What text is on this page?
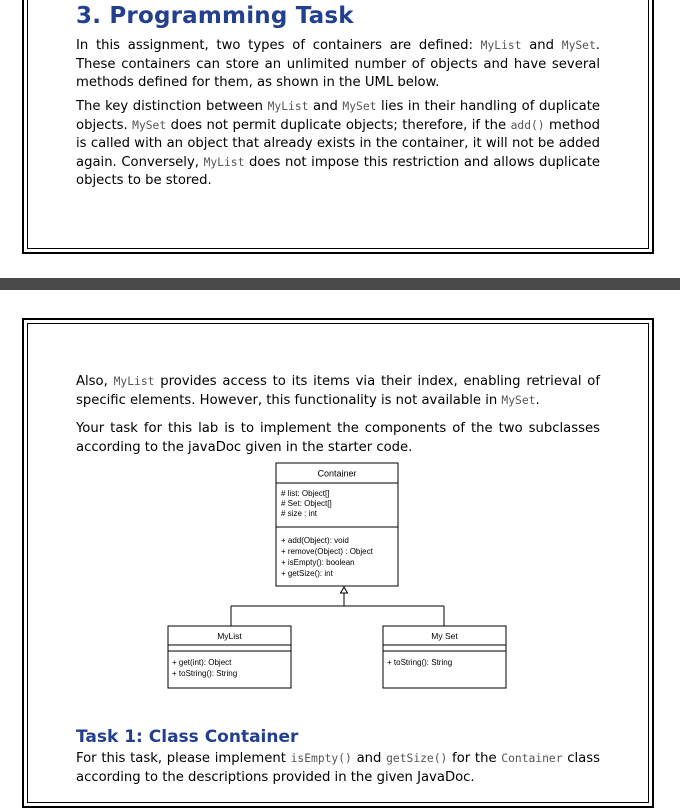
3. Programming Task

In this assignment, two types of containers are defined: MyList and MySet. These containers can store an unlimited number of objects and have several methods defined for them, as shown in the UML below.

The key distinction between MyList and MySet lies in their handling of duplicate objects. MySet does not permit duplicate objects; therefore, if the add() method is called with an object that already exists in the container, it will not be added again. Conversely, MyList does not impose this restriction and allows duplicate objects to be stored.

Also, MyList provides access to its items via their index, enabling retrieval of specific elements. However, this functionality is not available in MySet.

Your task for this lab is to implement the components of the two subclasses according to the javaDoc given in the starter code.

Container
# list: Object[]
# Set: Object[]
# size : int
+ add(Object): void
+ remove(Object) : Object
+ isEmpty(): boolean
+ getSize(): int
MyList
+ get(int): Object
+ toString(): String
My Set
+ toString(): String
Task 1: Class Container

For this task, please implement isEmpty() and getSize() for the Container class according to the descriptions provided in the given JavaDoc.
